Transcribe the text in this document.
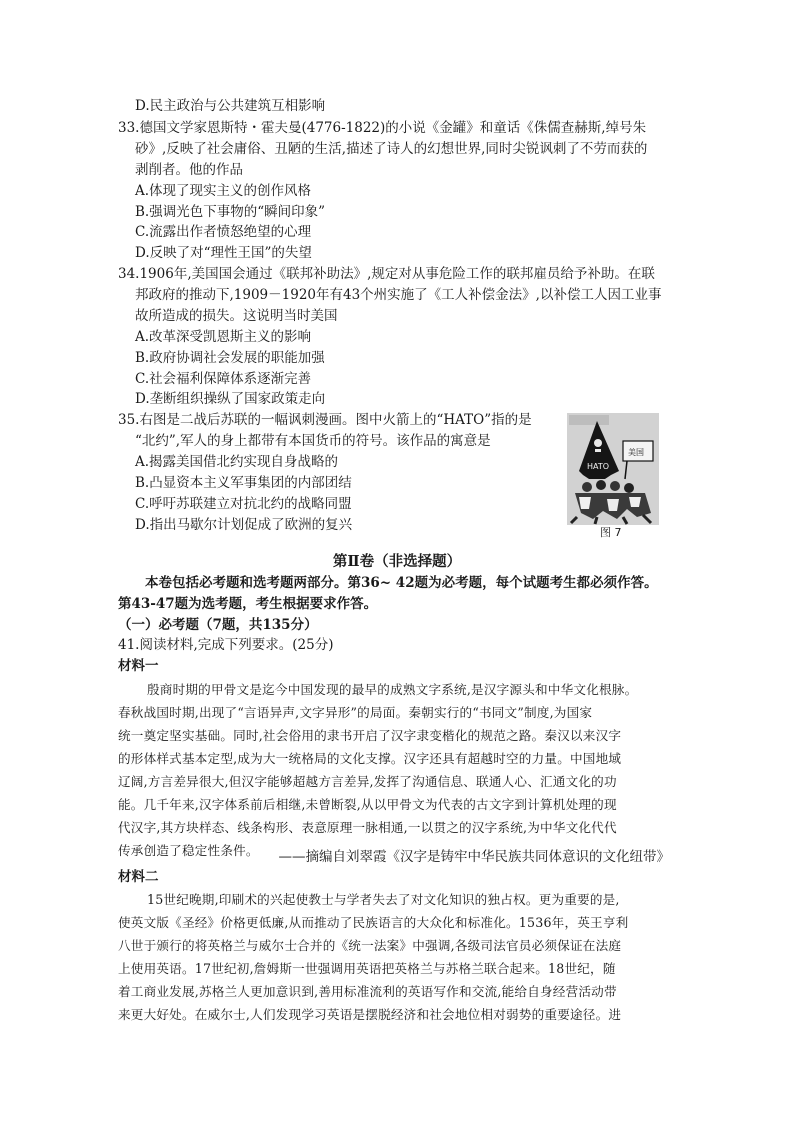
D.民主政治与公共建筑互相影响
33.德国文学家恩斯特・霍夫曼(4776-1822)的小说《金罐》和童话《侏儒查赫斯,绰号朱
砂》,反映了社会庸俗、丑陋的生活,描述了诗人的幻想世界,同时尖锐讽刺了不劳而获的
剥削者。他的作品
A.体现了现实主义的创作风格
B.强调光色下事物的“瞬间印象”
C.流露出作者愤怒绝望的心理
D.反映了对“理性王国”的失望
34.1906年,美国国会通过《联邦补助法》,规定对从事危险工作的联邦雇员给予补助。在联
邦政府的推动下,1909－1920年有43个州实施了《工人补偿金法》,以补偿工人因工业事
故所造成的损失。这说明当时美国
A.改革深受凯恩斯主义的影响
B.政府协调社会发展的职能加强
C.社会福利保障体系逐渐完善
D.垄断组织操纵了国家政策走向
35.右图是二战后苏联的一幅讽刺漫画。图中火箭上的“HATO”指的是
“北约”,军人的身上都带有本国货币的符号。该作品的寓意是
A.揭露美国借北约实现自身战略的
B.凸显资本主义军事集团的内部团结
C.呼吁苏联建立对抗北约的战略同盟
D.指出马歇尔计划促成了欧洲的复兴
HATO
美国
图 7
第Ⅱ卷（非选择题）
本卷包括必考题和选考题两部分。第36~ 42题为必考题，每个试题考生都必须作答。
第43-47题为选考题，考生根据要求作答。
（一）必考题（7题，共135分）
41.阅读材料,完成下列要求。(25分)
材料一
殷商时期的甲骨文是迄今中国发现的最早的成熟文字系统,是汉字源头和中华文化根脉。
春秋战国时期,出现了“言语异声,文字异形”的局面。秦朝实行的“书同文”制度,为国家
统一奠定坚实基础。同时,社会俗用的隶书开启了汉字隶变楷化的规范之路。秦汉以来汉字
的形体样式基本定型,成为大一统格局的文化支撑。汉字还具有超越时空的力量。中国地域
辽阔,方言差异很大,但汉字能够超越方言差异,发挥了沟通信息、联通人心、汇通文化的功
能。几千年来,汉字体系前后相继,未曾断裂,从以甲骨文为代表的古文字到计算机处理的现
代汉字,其方块样态、线条构形、表意原理一脉相通,一以贯之的汉字系统,为中华文化代代
传承创造了稳定性条件。 ——摘编自刘翠霞《汉字是铸牢中华民族共同体意识的文化纽带》
材料二
15世纪晚期,印刷术的兴起使教士与学者失去了对文化知识的独占权。更为重要的是,
使英文版《圣经》价格更低廉,从而推动了民族语言的大众化和标准化。1536年，英王亨利
八世于颁行的将英格兰与威尔士合并的《统一法案》中强调,各级司法官员必须保证在法庭
上使用英语。17世纪初,詹姆斯一世强调用英语把英格兰与苏格兰联合起来。18世纪，随
着工商业发展,苏格兰人更加意识到,善用标准流利的英语写作和交流,能给自身经营活动带
来更大好处。在威尔士,人们发现学习英语是摆脱经济和社会地位相对弱势的重要途径。进
